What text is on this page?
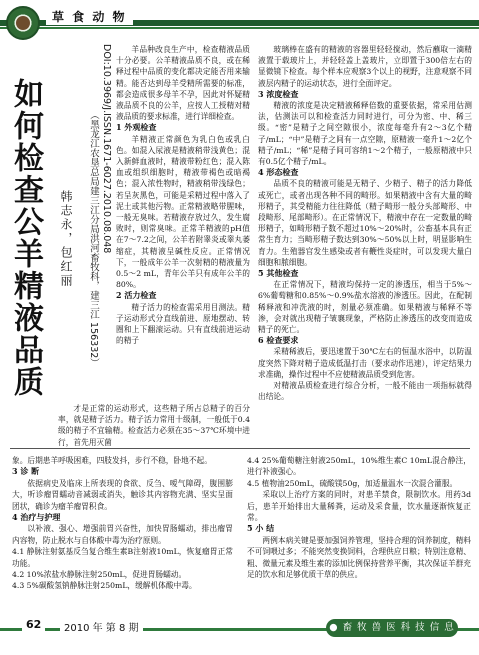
草 食 动 物
如何检查公羊精液品质	DOI:10.3969/J.ISSN.1671-6027.2010.08.048
（黑龙江农垦总局建三江分局洪河畜牧科，建三江 156332）
韩志永，包红丽

羊品种改良生产中，检查精液品质十分必要。公羊精液品质不良，或在稀释过程中品质的变化都决定能否用来输精。能否达到母羊受精所需要的标准，都会造成很多母羊不孕，因此对怀疑精液品质不良的公羊，应按人工授精对精液品质的要求标准，进行详细检查。

1 外观检查

羊精液正常颜色为乳白色或乳白色。如混入尿液是精液稍带浅黄色；混入新鲜血液时，精液带粉红色；混入陈血或组织细胞时，精液带褐色或暗褐色；混入浓性物时，精液稍带浅绿色；若呈灰黑色，可能是采精过程中落入了泥土或其他污物。正常精液略带腥味，一般无臭味。若精液存放过久，发生腐败时，则常臭味。正常羊精液的pH值在7～7.2之间，公羊若附睾炎或睾丸萎缩症，其精液呈碱性反应。正常情况下，一般成年公羊一次射精的精液量为0.5～2 mL，青年公羊只有成年公羊的80%。

2 活力检查

精子活力的检查需采用目测法。精子运动形式分直线前进、原地摆动、转圈和上下翻滚运动。只有直线前进运动的精子

玻璃棒在盛有的精液的容器里轻轻搅动，然后蘸取一滴精液置于载玻片上，并轻轻盖上盖玻片，立即置于300倍左右的显微镜下检查。每个样本应观察3个以上的视野，注意观察不同液层内精子的运动状态，进行全面评定。

3 浓度检查

精液的浓度是决定精液稀释倍数的重要依据，常采用估测法，估测法可以和检查活力同时进行，可分为密、中、稀三级。“密”是精子之间空隙很小，浓度每毫升有2～3亿个精子/mL；“中”是精子之间有一点空隙，原精液一毫升1～2亿个精子/mL；“稀”是精子间可容纳1～2个精子，一般原精液中只有0.5亿个精子/mL。

4 形态检查

品质不良的精液可能是无精子、少精子、精子的活力降低或死亡，或者出现各种不同的畸形。如果精液中含有大量的畸形精子，其受精能力往往降低（精子畸形一般分头部畸形、中段畸形、尾部畸形）。在正常情况下，精液中存在一定数量的畸形精子，如畸形精子数不超过10%～20%时，公畜基本具有正常生育力；当畸形精子数达到30%～50%以上时，明显影响生育力。生殖器官发生感染或者有鞭性炎症时，可以发现大量白细胞和脓细胞。

5 其他检查

在正常情况下，精液均保持一定的渗透压，相当于5%～6%葡萄糖和0.85%～0.9%盐水溶液的渗透压。因此，在配制稀释液和冲洗液的时，剂量必须准确。如果精液与稀释不等渗，会对就出现精子皱襄现象，严格防止渗透压的改变而造成精子的死亡。

6 检查要求

采精稀液后，要迅速置于30℃左右的恒温水浴中，以防温度突然下降对精子造成低温打击（要求动作迅速），评定结果力求准确，操作过程中不应使精液品质受到危害。

对精液品质检查进行综合分析，一般不能由一项指标就得出结论。

才是正常的运动形式，这些精子所占总精子的百分率，就是精子活力。精子活力常用十级制，一般低于0.4级的精子不宜输精。检查活力必须在35～37℃环境中进行，首先用灭菌

象。后期患羊呼吸困难，四肢发抖，步行不稳，卧地不起。

3 诊 断

依据病史及临床上所表现的食欲、反刍、嗳气障碍，腹围膨大，听诊瘤胃蠕动音减弱或消失，触诊其内容物充满、坚实呈面团状，确诊为瘤羊瘤胃积食。

4 治疗与护理

以补液、强心、增强前胃兴奋性，加快胃肠蠕动，排出瘤胃内容物，防止脱水与自体酸中毒为治疗原则。

4.1 静脉注射氨基反刍复合维生素B注射液10mL，恢复瘤胃正常功能。

4.2 10%浓盐水静脉注射250mL，促进胃肠蠕动。

4.3 5%碳酸氢钠静脉注射250mL，缓解机体酸中毒。

4.4 25%葡萄糖注射液250mL，10%维生素C 10mL混合静注，进行补液强心。

4.5 植物油250mL，硫酸镁50g，加适量温水一次混合灌服。

采取以上治疗方案的同时，对患羊禁食，限制饮水。用药3d后，患羊开始排出大量稀粪，运动及采食量，饮水量逐渐恢复正常。

5 小 结

两例本病关键是要加强饲养管理，坚持合理的饲养制度，精料不可饲喂过多；不能突然变换饲料，合理供应日粮；特别注意精、粗、微量元素及维生素的添加比例保持营养平衡，其次保证羊群充足的饮水和足够优质干草的供应。

62	2010 年 第 8 期	● 畜 牧 兽 医 科 技 信 息 ●
